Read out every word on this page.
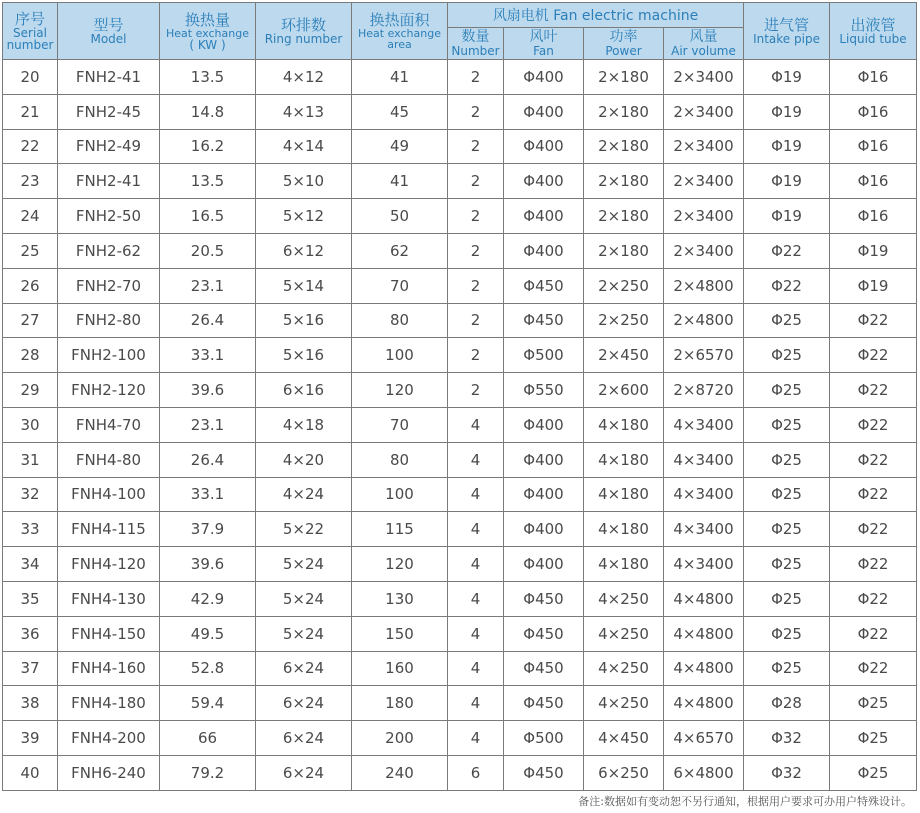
序号
Serial
number	型号
Model	换热量
Heat exchange
( KW )	环排数
Ring number	换热面积
Heat exchange
area	风扇电机 Fan electric machine				进气管
Intake pipe	出液管
Liquid tube

					数量
Number	风叶
Fan	功率
Power	风量
Air volume		

20	FNH2-41	13.5	4×12	41	2	Φ400	2×180	2×3400	Φ19	Φ16
21	FNH2-45	14.8	4×13	45	2	Φ400	2×180	2×3400	Φ19	Φ16
22	FNH2-49	16.2	4×14	49	2	Φ400	2×180	2×3400	Φ19	Φ16
23	FNH2-41	13.5	5×10	41	2	Φ400	2×180	2×3400	Φ19	Φ16
24	FNH2-50	16.5	5×12	50	2	Φ400	2×180	2×3400	Φ19	Φ16
25	FNH2-62	20.5	6×12	62	2	Φ400	2×180	2×3400	Φ22	Φ19
26	FNH2-70	23.1	5×14	70	2	Φ450	2×250	2×4800	Φ22	Φ19
27	FNH2-80	26.4	5×16	80	2	Φ450	2×250	2×4800	Φ25	Φ22
28	FNH2-100	33.1	5×16	100	2	Φ500	2×450	2×6570	Φ25	Φ22
29	FNH2-120	39.6	6×16	120	2	Φ550	2×600	2×8720	Φ25	Φ22
30	FNH4-70	23.1	4×18	70	4	Φ400	4×180	4×3400	Φ25	Φ22
31	FNH4-80	26.4	4×20	80	4	Φ400	4×180	4×3400	Φ25	Φ22
32	FNH4-100	33.1	4×24	100	4	Φ400	4×180	4×3400	Φ25	Φ22
33	FNH4-115	37.9	5×22	115	4	Φ400	4×180	4×3400	Φ25	Φ22
34	FNH4-120	39.6	5×24	120	4	Φ400	4×180	4×3400	Φ25	Φ22
35	FNH4-130	42.9	5×24	130	4	Φ450	4×250	4×4800	Φ25	Φ22
36	FNH4-150	49.5	5×24	150	4	Φ450	4×250	4×4800	Φ25	Φ22
37	FNH4-160	52.8	6×24	160	4	Φ450	4×250	4×4800	Φ25	Φ22
38	FNH4-180	59.4	6×24	180	4	Φ450	4×250	4×4800	Φ28	Φ25
39	FNH4-200	66	6×24	200	4	Φ500	4×450	4×6570	Φ32	Φ25
40	FNH6-240	79.2	6×24	240	6	Φ450	6×250	6×4800	Φ32	Φ25
备注:数据如有变动恕不另行通知，根据用户要求可办用户特殊设计。
